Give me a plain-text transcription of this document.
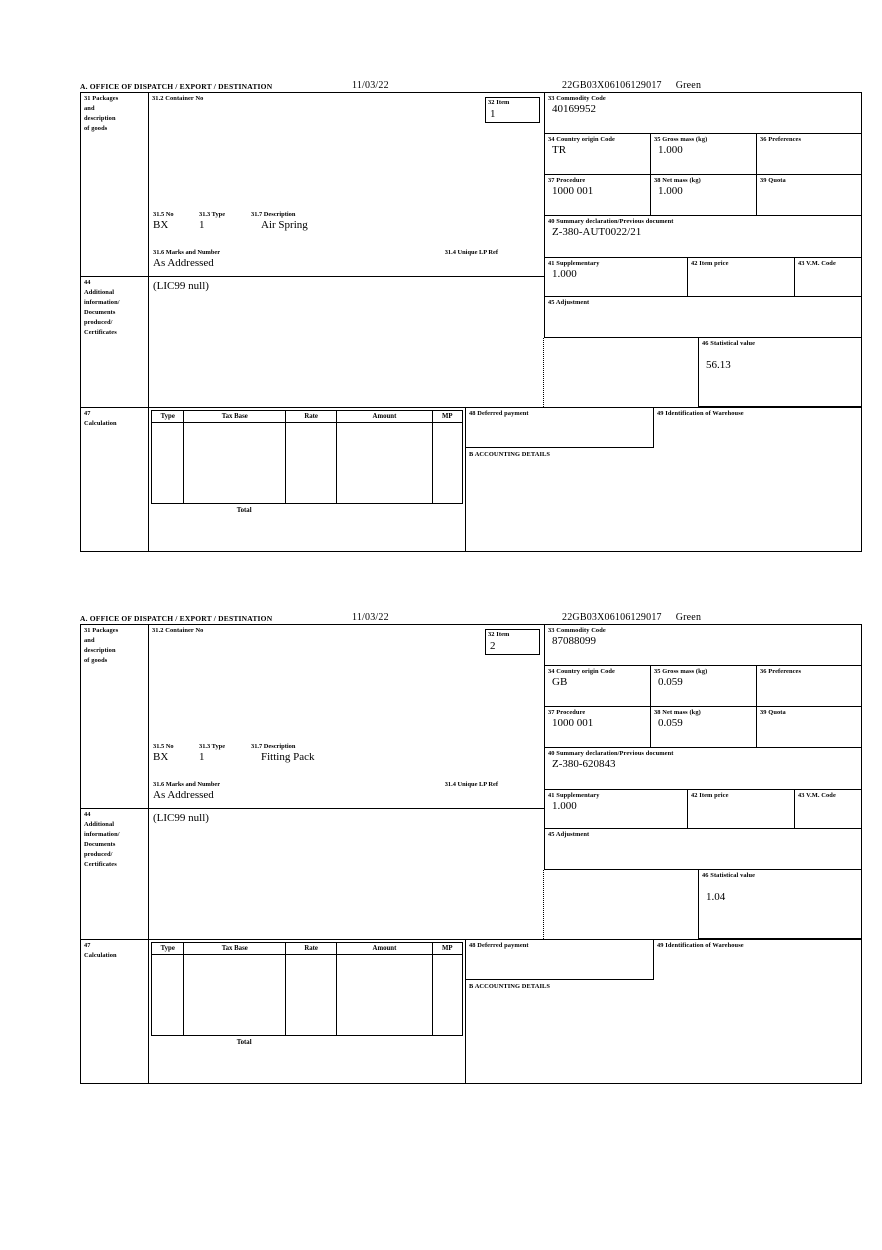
A. OFFICE OF DISPATCH / EXPORT / DESTINATION	11/03/22	22GB03X06106129017 Green
31 Packages
and
description
of goods
44
Additional
information/
Documents
produced/
Certificates
47
Calculation
31.2 Container No
32 Item
1
31.5 No	31.3 Type	31.7 Description
BX	1	Air Spring
31.6 Marks and Number	31.4 Unique LP Ref
As Addressed
(LIC99 null)
33 Commodity Code
40169952
34 Country origin Code
TR
35 Gross mass (kg)
1.000
36 Preferences
37 Procedure
1000 001
38 Net mass (kg)
1.000
39 Quota
40 Summary declaration/Previous document
Z-380-AUT0022/21
41 Supplementary
1.000
42 Item price	43 V.M. Code
45 Adjustment
46 Statistical value
56.13
Type	Tax Base	Rate	Amount	MP

Total				
48 Deferred payment	49 Identification of Warehouse
B ACCOUNTING DETAILS
A. OFFICE OF DISPATCH / EXPORT / DESTINATION	11/03/22	22GB03X06106129017 Green
31 Packages
and
description
of goods
44
Additional
information/
Documents
produced/
Certificates
47
Calculation
31.2 Container No
32 Item
2
31.5 No	31.3 Type	31.7 Description
BX	1	Fitting Pack
31.6 Marks and Number	31.4 Unique LP Ref
As Addressed
(LIC99 null)
33 Commodity Code
87088099
34 Country origin Code
GB
35 Gross mass (kg)
0.059
36 Preferences
37 Procedure
1000 001
38 Net mass (kg)
0.059
39 Quota
40 Summary declaration/Previous document
Z-380-620843
41 Supplementary
1.000
42 Item price	43 V.M. Code
45 Adjustment
46 Statistical value
1.04
Type	Tax Base	Rate	Amount	MP

Total				
48 Deferred payment	49 Identification of Warehouse
B ACCOUNTING DETAILS
